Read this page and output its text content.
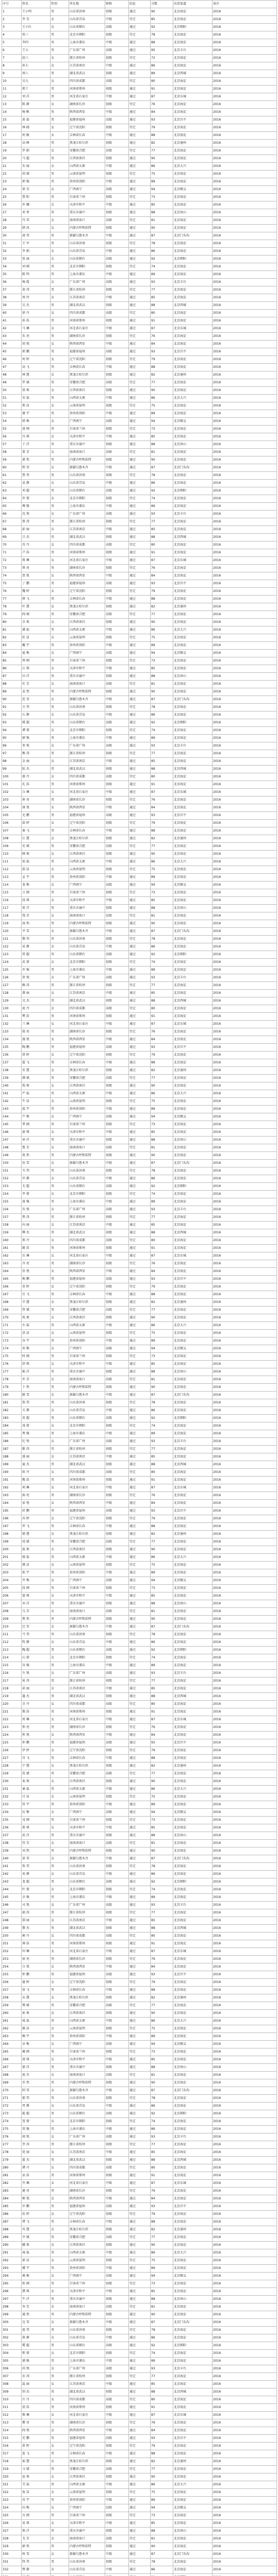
序号	姓名	性别	所在地	职称	结论	分数	出货渠道	备注
1	王小明	男	山东省济南	初级	通过	90	北京海淀	2016
2	李 芳	女	山东省青岛	中级	待定	85	北京海淀	2016
3	王小红	女	山东省烟台	高级	通过	92	北京朝阳	2016
4	张三	男	北京市朝阳	初级	待定	78	北京海淀	2016
5	李四	男	上海市浦东	中级	通过	88	北京海淀	2016
6	王五	男	广东省广州	高级	通过	95	北京丰台	2016
7	赵六	女	浙江省杭州	初级	待定	72	北京海淀	2016
8	孙七	女	江苏省南京	中级	通过	86	北京海淀	2016
9	周八	男	湖北省武汉	初级	通过	89	北京西城	2016
10	吴九	女	四川省成都	高级	待定	80	北京海淀	2016
11	郑十	男	河南省郑州	初级	通过	91	北京海淀	2016
12	刘 洋	男	河北省石家庄	中级	通过	87	北京东城	2016
13	陈 静	女	湖南省长沙	初级	待定	76	北京海淀	2016
14	杨 帆	男	陕西省西安	中级	通过	84	北京海淀	2016
15	黄 磊	男	福建省福州	高级	通过	93	北京昌平	2016
16	林 晓	女	辽宁省沈阳	初级	待定	79	北京海淀	2016
17	何 敏	女	吉林省长春	中级	通过	88	北京海淀	2016
18	高 峰	男	黑龙江哈尔滨	初级	通过	82	北京通州	2016
19	罗 娟	女	安徽省合肥	高级	待定	77	北京海淀	2016
20	马 超	男	江西省南昌	初级	通过	90	北京海淀	2016
21	朱 丽	女	山西省太原	中级	通过	86	北京大兴	2016
22	胡 斌	男	云南省昆明	初级	待定	75	北京海淀	2016
23	郭 强	男	贵州省贵阳	中级	通过	89	北京海淀	2016
24	徐 芳	女	广西南宁	高级	通过	94	北京顺义	2016
25	曹 阳	男	甘肃省兰州	初级	待定	73	北京海淀	2016
26	许 娜	女	天津市和平	中级	通过	85	北京海淀	2016
27	邓 勇	男	重庆市渝中	初级	通过	88	北京房山	2016
28	冯 雪	女	海南省海口	高级	待定	81	北京海淀	2016
29	韩 冰	女	内蒙古呼和浩特	初级	通过	90	北京海淀	2016
30	唐 伟	男	新疆乌鲁木齐	中级	通过	87	北京门头沟	2016
31	王 军	男	山东省济南	初级	待定	78	北京海淀	2016
32	李 娟	女	山东省青岛	中级	通过	86	北京海淀	2016
33	张 丽	女	山东省烟台	高级	通过	92	北京朝阳	2016
34	刘 刚	男	北京市朝阳	初级	待定	74	北京海淀	2016
35	陈 明	男	上海市浦东	中级	通过	89	北京海淀	2016
36	杨 霞	女	广东省广州	高级	通过	93	北京丰台	2016
37	黄 涛	男	浙江省杭州	初级	待定	77	北京海淀	2016
38	周 玲	女	江苏省南京	中级	通过	85	北京海淀	2016
39	吴 杰	男	湖北省武汉	初级	通过	88	北京西城	2016
40	徐 丹	女	四川省成都	高级	待定	80	北京海淀	2016
41	孙 浩	男	河南省郑州	初级	通过	91	北京海淀	2016
42	马 琳	女	河北省石家庄	中级	通过	87	北京东城	2016
43	朱 亮	男	湖南省长沙	初级	待定	76	北京海淀	2016
44	胡 悦	女	陕西省西安	中级	通过	84	北京海淀	2016
45	郭 鹏	男	福建省福州	高级	通过	93	北京昌平	2016
46	何 婷	女	辽宁省沈阳	初级	待定	79	北京海淀	2016
47	高 飞	男	吉林省长春	中级	通过	88	北京海淀	2016
48	林 慧	女	黑龙江哈尔滨	初级	通过	82	北京通州	2016
49	罗 斌	男	安徽省合肥	高级	待定	77	北京海淀	2016
50	梁 爽	女	江西省南昌	初级	通过	90	北京海淀	2016
51	宋 磊	男	山西省太原	中级	通过	86	北京大兴	2016
52	郑 洁	女	云南省昆明	初级	待定	75	北京海淀	2016
53	谢 宇	男	贵州省贵阳	中级	通过	89	北京海淀	2016
54	韩 梅	女	广西南宁	高级	通过	94	北京顺义	2016
55	唐 刚	男	甘肃省兰州	初级	待定	73	北京海淀	2016
56	冯 琪	女	天津市和平	中级	通过	85	北京海淀	2016
57	于 洋	男	重庆市渝中	初级	通过	88	北京房山	2016
58	董 芳	女	海南省海口	高级	待定	81	北京海淀	2016
59	萧 然	男	内蒙古呼和浩特	初级	通过	90	北京海淀	2016
60	程 雪	女	新疆乌鲁木齐	中级	通过	87	北京门头沟	2016
61	曹 伟	男	山东省济南	初级	待定	78	北京海淀	2016
62	袁 静	女	山东省青岛	中级	通过	86	北京海淀	2016
63	邓 超	男	山东省烟台	高级	通过	92	北京朝阳	2016
64	许 倩	女	北京市朝阳	初级	待定	74	北京海淀	2016
65	傅 强	男	上海市浦东	中级	通过	89	北京海淀	2016
66	沈 悦	女	广东省广州	高级	通过	93	北京丰台	2016
67	曾 涛	男	浙江省杭州	初级	待定	77	北京海淀	2016
68	彭 丽	女	江苏省南京	中级	通过	85	北京海淀	2016
69	吕 杰	男	湖北省武汉	初级	通过	88	北京西城	2016
70	苏 丹	女	四川省成都	高级	待定	80	北京海淀	2016
71	卢 浩	男	河南省郑州	初级	通过	91	北京海淀	2016
72	蒋 琳	女	河北省石家庄	中级	通过	87	北京东城	2016
73	蔡 亮	男	湖南省长沙	初级	待定	76	北京海淀	2016
74	贾 悦	女	陕西省西安	中级	通过	84	北京海淀	2016
75	丁 鹏	男	福建省福州	高级	通过	93	北京昌平	2016
76	魏 婷	女	辽宁省沈阳	初级	待定	79	北京海淀	2016
77	薛 飞	男	吉林省长春	中级	通过	88	北京海淀	2016
78	叶 慧	女	黑龙江哈尔滨	初级	通过	82	北京通州	2016
79	阎 斌	男	安徽省合肥	高级	待定	77	北京海淀	2016
80	余 爽	女	江西省南昌	初级	通过	90	北京海淀	2016
81	潘 磊	男	山西省太原	中级	通过	86	北京大兴	2016
82	杜 洁	女	云南省昆明	初级	待定	75	北京海淀	2016
83	戴 宇	男	贵州省贵阳	中级	通过	89	北京海淀	2016
84	夏 梅	女	广西南宁	高级	通过	94	北京顺义	2016
85	钟 刚	男	甘肃省兰州	初级	待定	73	北京海淀	2016
86	汪 琪	女	天津市和平	中级	通过	85	北京海淀	2016
87	田 洋	男	重庆市渝中	初级	通过	88	北京房山	2016
88	任 芳	女	海南省海口	高级	待定	81	北京海淀	2016
89	姜 然	男	内蒙古呼和浩特	初级	通过	90	北京海淀	2016
90	范 雪	女	新疆乌鲁木齐	中级	通过	87	北京门头沟	2016
91	方 伟	男	山东省济南	初级	待定	78	北京海淀	2016
92	石 静	女	山东省青岛	中级	通过	86	北京海淀	2016
93	姚 超	男	山东省烟台	高级	通过	92	北京朝阳	2016
94	谭 倩	女	北京市朝阳	初级	待定	74	北京海淀	2016
95	廖 强	男	上海市浦东	中级	通过	89	北京海淀	2016
96	邹 悦	女	广东省广州	高级	通过	93	北京丰台	2016
97	熊 涛	男	浙江省杭州	初级	待定	77	北京海淀	2016
98	金 丽	女	江苏省南京	中级	通过	85	北京海淀	2016
99	陆 杰	男	湖北省武汉	初级	通过	88	北京西城	2016
100	郝 丹	女	四川省成都	高级	待定	80	北京海淀	2016
101	孔 浩	男	河南省郑州	初级	通过	91	北京海淀	2016
102	白 琳	女	河北省石家庄	中级	通过	87	北京东城	2016
103	崔 亮	男	湖南省长沙	初级	待定	76	北京海淀	2016
104	康 悦	女	陕西省西安	中级	通过	84	北京海淀	2016
105	毛 鹏	男	福建省福州	高级	通过	93	北京昌平	2016
106	邱 婷	女	辽宁省沈阳	初级	待定	79	北京海淀	2016
107	秦 飞	男	吉林省长春	中级	通过	88	北京海淀	2016
108	江 慧	女	黑龙江哈尔滨	初级	通过	82	北京通州	2016
109	史 斌	男	安徽省合肥	高级	待定	77	北京海淀	2016
110	顾 爽	女	江西省南昌	初级	通过	90	北京海淀	2016
111	侯 磊	男	山西省太原	中级	通过	86	北京大兴	2016
112	邵 洁	女	云南省昆明	初级	待定	75	北京海淀	2016
113	孟 宇	男	贵州省贵阳	中级	通过	89	北京海淀	2016
114	龙 梅	女	广西南宁	高级	通过	94	北京顺义	2016
115	万 刚	男	甘肃省兰州	初级	待定	73	北京海淀	2016
116	段 琪	女	天津市和平	中级	通过	85	北京海淀	2016
117	雷 洋	男	重庆市渝中	初级	通过	88	北京房山	2016
118	钱 芳	女	海南省海口	高级	待定	81	北京海淀	2016
119	汤 然	男	内蒙古呼和浩特	初级	通过	90	北京海淀	2016
120	尹 雪	女	新疆乌鲁木齐	中级	通过	87	北京门头沟	2016
121	黎 伟	男	山东省济南	初级	待定	78	北京海淀	2016
122	易 静	女	山东省青岛	中级	通过	86	北京海淀	2016
123	常 超	男	山东省烟台	高级	通过	92	北京朝阳	2016
124	武 倩	女	北京市朝阳	初级	待定	74	北京海淀	2016
125	乔 强	男	上海市浦东	中级	通过	89	北京海淀	2016
126	贺 悦	女	广东省广州	高级	通过	93	北京丰台	2016
127	赖 涛	男	浙江省杭州	初级	待定	77	北京海淀	2016
128	龚 丽	女	江苏省南京	中级	通过	85	北京海淀	2016
129	文 杰	男	湖北省武汉	初级	通过	88	北京西城	2016
130	庞 丹	女	四川省成都	高级	待定	80	北京海淀	2016
131	樊 浩	男	河南省郑州	初级	通过	91	北京海淀	2016
132	兰 琳	女	河北省石家庄	中级	通过	87	北京东城	2016
133	殷 亮	男	湖南省长沙	初级	待定	76	北京海淀	2016
134	施 悦	女	陕西省西安	中级	通过	84	北京海淀	2016
135	陶 鹏	男	福建省福州	高级	通过	93	北京昌平	2016
136	洪 婷	女	辽宁省沈阳	初级	待定	79	北京海淀	2016
137	翟 飞	男	吉林省长春	中级	通过	88	北京海淀	2016
138	安 慧	女	黑龙江哈尔滨	初级	通过	82	北京通州	2016
139	颜 斌	男	安徽省合肥	高级	待定	77	北京海淀	2016
140	倪 爽	女	江西省南昌	初级	通过	90	北京海淀	2016
141	严 磊	男	山西省太原	中级	通过	86	北京大兴	2016
142	牛 洁	女	云南省昆明	初级	待定	75	北京海淀	2016
143	温 宇	男	贵州省贵阳	中级	通过	89	北京海淀	2016
144	芦 梅	女	广西南宁	高级	通过	94	北京顺义	2016
145	季 刚	男	甘肃省兰州	初级	待定	73	北京海淀	2016
146	俞 琪	女	天津市和平	中级	通过	85	北京海淀	2016
147	章 洋	男	重庆市渝中	初级	通过	88	北京房山	2016
148	鲁 芳	女	海南省海口	高级	待定	81	北京海淀	2016
149	葛 然	男	内蒙古呼和浩特	初级	通过	90	北京海淀	2016
150	伍 雪	女	新疆乌鲁木齐	中级	通过	87	北京门头沟	2016
151	韦 伟	男	山东省济南	初级	待定	78	北京海淀	2016
152	申 静	女	山东省青岛	中级	通过	86	北京海淀	2016
153	尤 超	男	山东省烟台	高级	通过	92	北京朝阳	2016
154	毕 倩	女	北京市朝阳	初级	待定	74	北京海淀	2016
155	聂 强	男	上海市浦东	中级	通过	89	北京海淀	2016
156	丛 悦	女	广东省广州	高级	通过	93	北京丰台	2016
157	焦 涛	男	浙江省杭州	初级	待定	77	北京海淀	2016
158	向 丽	女	江苏省南京	中级	通过	85	北京海淀	2016
159	柳 杰	男	湖北省武汉	初级	通过	88	北京西城	2016
160	邢 丹	女	四川省成都	高级	待定	80	北京海淀	2016
161	路 浩	男	河南省郑州	初级	通过	91	北京海淀	2016
162	岳 琳	女	河北省石家庄	中级	通过	87	北京东城	2016
163	齐 亮	男	湖南省长沙	初级	待定	76	北京海淀	2016
164	沿 悦	女	陕西省西安	中级	通过	84	北京海淀	2016
165	梅 鹏	男	福建省福州	高级	通过	93	北京昌平	2016
166	莫 婷	女	辽宁省沈阳	初级	待定	79	北京海淀	2016
167	庄 飞	男	吉林省长春	中级	通过	88	北京海淀	2016
168	辛 慧	女	黑龙江哈尔滨	初级	通过	82	北京通州	2016
169	管 斌	男	安徽省合肥	高级	待定	77	北京海淀	2016
170	祝 爽	女	江西省南昌	初级	通过	90	北京海淀	2016
171	左 磊	男	山西省太原	中级	通过	86	北京大兴	2016
172	涂 洁	女	云南省昆明	初级	待定	75	北京海淀	2016
173	谷 宇	男	贵州省贵阳	中级	通过	89	北京海淀	2016
174	祁 梅	女	广西南宁	高级	通过	94	北京顺义	2016
175	时 刚	男	甘肃省兰州	初级	待定	73	北京海淀	2016
176	舒 琪	女	天津市和平	中级	通过	85	北京海淀	2016
177	耿 洋	男	重庆市渝中	初级	通过	88	北京房山	2016
178	牟 芳	女	海南省海口	高级	待定	81	北京海淀	2016
179	卜 然	男	内蒙古呼和浩特	初级	通过	90	北京海淀	2016
180	路 雪	女	新疆乌鲁木齐	中级	通过	87	北京门头沟	2016
181	詹 伟	男	山东省济南	初级	待定	78	北京海淀	2016
182	关 静	女	山东省青岛	中级	通过	86	北京海淀	2016
183	苗 超	男	山东省烟台	高级	通过	92	北京朝阳	2016
184	凌 倩	女	北京市朝阳	初级	待定	74	北京海淀	2016
185	费 强	男	上海市浦东	中级	通过	89	北京海淀	2016
186	纪 悦	女	广东省广州	高级	通过	93	北京丰台	2016
187	靳 涛	男	浙江省杭州	初级	待定	77	北京海淀	2016
188	盛 丽	女	江苏省南京	中级	通过	85	北京海淀	2016
189	童 杰	男	湖北省武汉	初级	通过	88	北京西城	2016
190	欧 丹	女	四川省成都	高级	待定	80	北京海淀	2016
191	甄 浩	男	河南省郑州	初级	通过	91	北京海淀	2016
192	项 琳	女	河北省石家庄	中级	通过	87	北京东城	2016
193	曲 亮	男	湖南省长沙	初级	待定	76	北京海淀	2016
194	家 悦	女	陕西省西安	中级	通过	84	北京海淀	2016
195	封 鹏	男	福建省福州	高级	通过	93	北京昌平	2016
196	芮 婷	女	辽宁省沈阳	初级	待定	79	北京海淀	2016
197	羿 飞	男	吉林省长春	中级	通过	88	北京海淀	2016
198	储 慧	女	黑龙江哈尔滨	初级	通过	82	北京通州	2016
199	靖 斌	男	安徽省合肥	高级	待定	77	北京海淀	2016
200	汲 爽	女	江西省南昌	初级	通过	90	北京海淀	2016
201	邴 磊	男	山西省太原	中级	通过	86	北京大兴	2016
202	糜 洁	女	云南省昆明	初级	待定	75	北京海淀	2016
203	松 宇	男	贵州省贵阳	中级	通过	89	北京海淀	2016
204	井 梅	女	广西南宁	高级	通过	94	北京顺义	2016
205	段 刚	男	甘肃省兰州	初级	待定	73	北京海淀	2016
206	富 琪	女	天津市和平	中级	通过	85	北京海淀	2016
207	巫 洋	男	重庆市渝中	初级	通过	88	北京房山	2016
208	乌 芳	女	海南省海口	高级	待定	81	北京海淀	2016
209	焦 然	男	内蒙古呼和浩特	初级	通过	90	北京海淀	2016
210	巴 雪	女	新疆乌鲁木齐	中级	通过	87	北京门头沟	2016
211	弓 伟	男	山东省济南	初级	待定	78	北京海淀	2016
212	牧 静	女	山东省青岛	中级	通过	86	北京海淀	2016
213	隗 超	男	山东省烟台	高级	通过	92	北京朝阳	2016
214	山 倩	女	北京市朝阳	初级	待定	74	北京海淀	2016
215	谷 强	男	上海市浦东	中级	通过	89	北京海淀	2016
216	车 悦	女	广东省广州	高级	通过	93	北京丰台	2016
217	侯 涛	男	浙江省杭州	初级	待定	77	北京海淀	2016
218	宓 丽	女	江苏省南京	中级	通过	85	北京海淀	2016
219	蓬 杰	男	湖北省武汉	初级	通过	88	北京西城	2016
220	全 丹	女	四川省成都	高级	待定	80	北京海淀	2016
221	郗 浩	男	河南省郑州	初级	通过	91	北京海淀	2016
222	班 琳	女	河北省石家庄	中级	通过	87	北京东城	2016
223	仰 亮	男	湖南省长沙	初级	待定	76	北京海淀	2016
224	秋 悦	女	陕西省西安	中级	通过	84	北京海淀	2016
225	仲 鹏	男	福建省福州	高级	通过	93	北京昌平	2016
226	伊 婷	女	辽宁省沈阳	初级	待定	79	北京海淀	2016
227	宫 飞	男	吉林省长春	中级	通过	88	北京海淀	2016
228	宁 慧	女	黑龙江哈尔滨	初级	通过	82	北京通州	2016
229	仇 斌	男	安徽省合肥	高级	待定	77	北京海淀	2016
230	栾 爽	女	江西省南昌	初级	通过	90	北京海淀	2016
231	暴 磊	男	山西省太原	中级	通过	86	北京大兴	2016
232	甘 洁	女	云南省昆明	初级	待定	75	北京海淀	2016
233	钭 宇	男	贵州省贵阳	中级	通过	89	北京海淀	2016
234	厉 梅	女	广西南宁	高级	通过	94	北京顺义	2016
235	戎 刚	男	甘肃省兰州	初级	待定	73	北京海淀	2016
236	祖 琪	女	天津市和平	中级	通过	85	北京海淀	2016
237	武 洋	男	重庆市渝中	初级	通过	88	北京房山	2016
238	符 芳	女	海南省海口	高级	待定	81	北京海淀	2016
239	刘 然	男	内蒙古呼和浩特	初级	通过	90	北京海淀	2016
240	景 雪	女	新疆乌鲁木齐	中级	通过	87	北京门头沟	2016
241	詹 伟	男	山东省济南	初级	待定	78	北京海淀	2016
242	束 静	女	山东省青岛	中级	通过	86	北京海淀	2016
243	龙 超	男	山东省烟台	高级	通过	92	北京朝阳	2016
244	叶 倩	女	北京市朝阳	初级	待定	74	北京海淀	2016
245	幸 强	男	上海市浦东	中级	通过	89	北京海淀	2016
246	司 悦	女	广东省广州	高级	通过	93	北京丰台	2016
247	韶 涛	男	浙江省杭州	初级	待定	77	北京海淀	2016
248	郜 丽	女	江苏省南京	中级	通过	85	北京海淀	2016
249	黎 杰	男	湖北省武汉	初级	通过	88	北京西城	2016
250	蓟 丹	女	四川省成都	高级	待定	80	北京海淀	2016
251	薄 浩	男	河南省郑州	初级	通过	91	北京海淀	2016
252	印 琳	女	河北省石家庄	中级	通过	87	北京东城	2016
253	宿 亮	男	湖南省长沙	初级	待定	76	北京海淀	2016
254	白 悦	女	陕西省西安	中级	通过	84	北京海淀	2016
255	怀 鹏	男	福建省福州	高级	通过	93	北京昌平	2016
256	蒲 婷	女	辽宁省沈阳	初级	待定	79	北京海淀	2016
257	邰 飞	男	吉林省长春	中级	通过	88	北京海淀	2016
258	从 慧	女	黑龙江哈尔滨	初级	通过	82	北京通州	2016
259	鄂 斌	男	安徽省合肥	高级	待定	77	北京海淀	2016
260	索 爽	女	江西省南昌	初级	通过	90	北京海淀	2016
261	咸 磊	男	山西省太原	中级	通过	86	北京大兴	2016
262	籍 洁	女	云南省昆明	初级	待定	75	北京海淀	2016
263	赖 宇	男	贵州省贵阳	中级	通过	89	北京海淀	2016
264	卓 梅	女	广西南宁	高级	通过	94	北京顺义	2016
265	蔺 刚	男	甘肃省兰州	初级	待定	73	北京海淀	2016
266	屠 琪	女	天津市和平	中级	通过	85	北京海淀	2016
267	蒙 洋	男	重庆市渝中	初级	通过	88	北京房山	2016
268	池 芳	女	海南省海口	高级	待定	81	北京海淀	2016
269	乔 然	男	内蒙古呼和浩特	初级	通过	90	北京海淀	2016
270	阴 雪	女	新疆乌鲁木齐	中级	通过	87	北京门头沟	2016
271	郁 伟	男	山东省济南	初级	待定	78	北京海淀	2016
272	胥 静	女	山东省青岛	中级	通过	86	北京海淀	2016
273	能 超	男	山东省烟台	高级	通过	92	北京朝阳	2016
274	苍 倩	女	北京市朝阳	初级	待定	74	北京海淀	2016
275	双 强	男	上海市浦东	中级	通过	89	北京海淀	2016
276	闻 悦	女	广东省广州	高级	通过	93	北京丰台	2016
277	莘 涛	男	浙江省杭州	初级	待定	77	北京海淀	2016
278	党 丽	女	江苏省南京	中级	通过	85	北京海淀	2016
279	翟 杰	男	湖北省武汉	初级	通过	88	北京西城	2016
280	谭 丹	女	四川省成都	高级	待定	80	北京海淀	2016
281	贡 浩	男	河南省郑州	初级	通过	91	北京海淀	2016
282	劳 琳	女	河北省石家庄	中级	通过	87	北京东城	2016
283	逄 亮	男	湖南省长沙	初级	待定	76	北京海淀	2016
284	姬 悦	女	陕西省西安	中级	通过	84	北京海淀	2016
285	申 鹏	男	福建省福州	高级	通过	93	北京昌平	2016
286	扶 婷	女	辽宁省沈阳	初级	待定	79	北京海淀	2016
287	堵 飞	男	吉林省长春	中级	通过	88	北京海淀	2016
288	冉 慧	女	黑龙江哈尔滨	初级	通过	82	北京通州	2016
289	宰 斌	男	安徽省合肥	高级	待定	77	北京海淀	2016
290	郦 爽	女	江西省南昌	初级	通过	90	北京海淀	2016
291	雍 磊	男	山西省太原	中级	通过	86	北京大兴	2016
292	郤 洁	女	云南省昆明	初级	待定	75	北京海淀	2016
293	璩 宇	男	贵州省贵阳	中级	通过	89	北京海淀	2016
294	桑 梅	女	广西南宁	高级	通过	94	北京顺义	2016
295	桂 刚	男	甘肃省兰州	初级	待定	73	北京海淀	2016
296	濮 琪	女	天津市和平	中级	通过	85	北京海淀	2016
297	牛 洋	男	重庆市渝中	初级	通过	88	北京房山	2016
298	寿 芳	女	海南省海口	高级	待定	81	北京海淀	2016
299	通 然	男	内蒙古呼和浩特	初级	通过	90	北京海淀	2016
300	边 雪	女	新疆乌鲁木齐	中级	通过	87	北京门头沟	2016
301	扈 伟	男	山东省济南	初级	待定	78	北京海淀	2016
302	燕 静	女	山东省青岛	中级	通过	86	北京海淀	2016
303	冀 超	男	山东省烟台	高级	通过	92	北京朝阳	2016
304	郏 倩	女	北京市朝阳	初级	待定	74	北京海淀	2016
305	浦 强	男	上海市浦东	中级	通过	89	北京海淀	2016
306	尚 悦	女	广东省广州	高级	通过	93	北京丰台	2016
307	农 涛	男	浙江省杭州	初级	待定	77	北京海淀	2016
308	温 丽	女	江苏省南京	中级	通过	85	北京海淀	2016
309	别 杰	男	湖北省武汉	初级	通过	88	北京西城	2016
310	庄 丹	女	四川省成都	高级	待定	80	北京海淀	2016
311	晏 浩	男	河南省郑州	初级	通过	91	北京海淀	2016
312	柴 琳	女	河北省石家庄	中级	通过	87	北京东城	2016
313	瞿 亮	男	湖南省长沙	初级	待定	76	北京海淀	2016
314	阎 悦	女	陕西省西安	中级	通过	84	北京海淀	2016
315	充 鹏	男	福建省福州	高级	通过	93	北京昌平	2016
316	慕 婷	女	辽宁省沈阳	初级	待定	79	北京海淀	2016
317	连 飞	男	吉林省长春	中级	通过	88	北京海淀	2016
318	茹 慧	女	黑龙江哈尔滨	初级	通过	82	北京通州	2016
319	习 斌	男	安徽省合肥	高级	待定	77	北京海淀	2016
320	宦 爽	女	江西省南昌	初级	通过	90	北京海淀	2016
321	艾 磊	男	山西省太原	中级	通过	86	北京大兴	2016
322	鱼 洁	女	云南省昆明	初级	待定	75	北京海淀	2016
323	容 宇	男	贵州省贵阳	中级	通过	89	北京海淀	2016
324	向 梅	女	广西南宁	高级	通过	94	北京顺义	2016
325	古 刚	男	甘肃省兰州	初级	待定	73	北京海淀	2016
326	易 琪	女	天津市和平	中级	通过	85	北京海淀	2016
327	慎 洋	男	重庆市渝中	初级	通过	88	北京房山	2016
328	戈 芳	女	海南省海口	高级	待定	81	北京海淀	2016
329	廖 然	男	内蒙古呼和浩特	初级	通过	90	北京海淀	2016
330	庾 雪	女	新疆乌鲁木齐	中级	通过	87	北京门头沟	2016
331	终 伟	男	山东省济南	初级	待定	78	北京海淀	2016
332	暨 静	女	山东省青岛	中级	通过	86	北京海淀	2016
